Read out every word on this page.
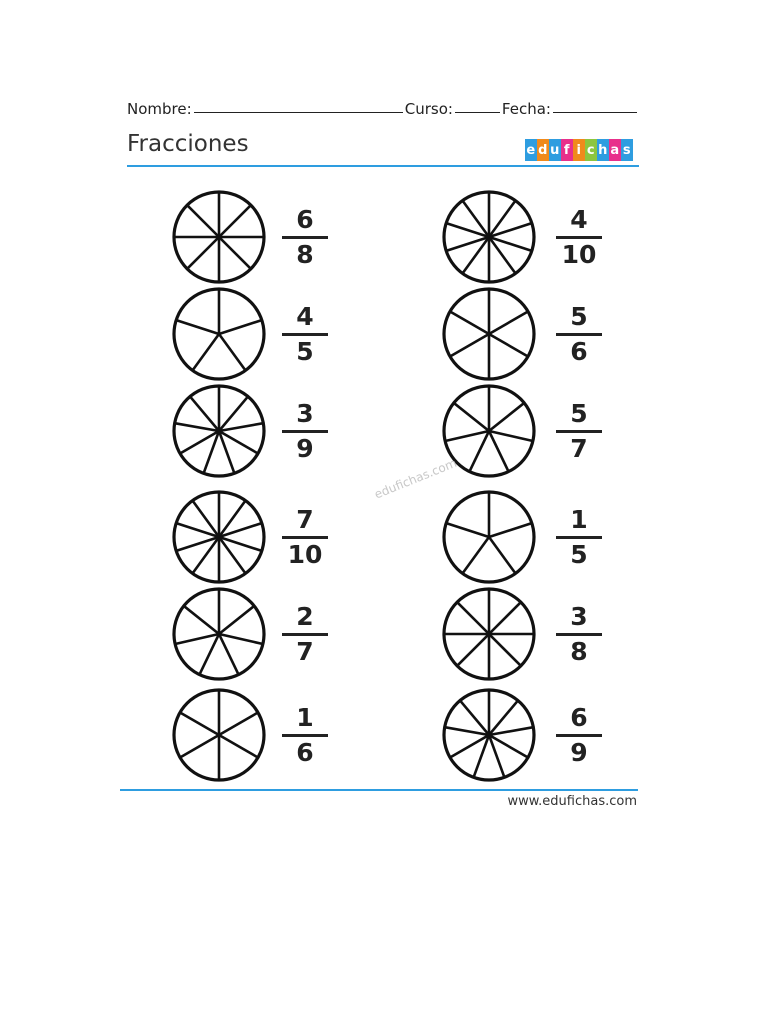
Nombre:	Curso:	Fecha:
Fracciones	e d u f i c h a s
6
8
4
10
4
5
5
6
3
9
5
7
7
10
1
5
2
7
3
8
1
6
6
9
edufichas.com
www.edufichas.com
